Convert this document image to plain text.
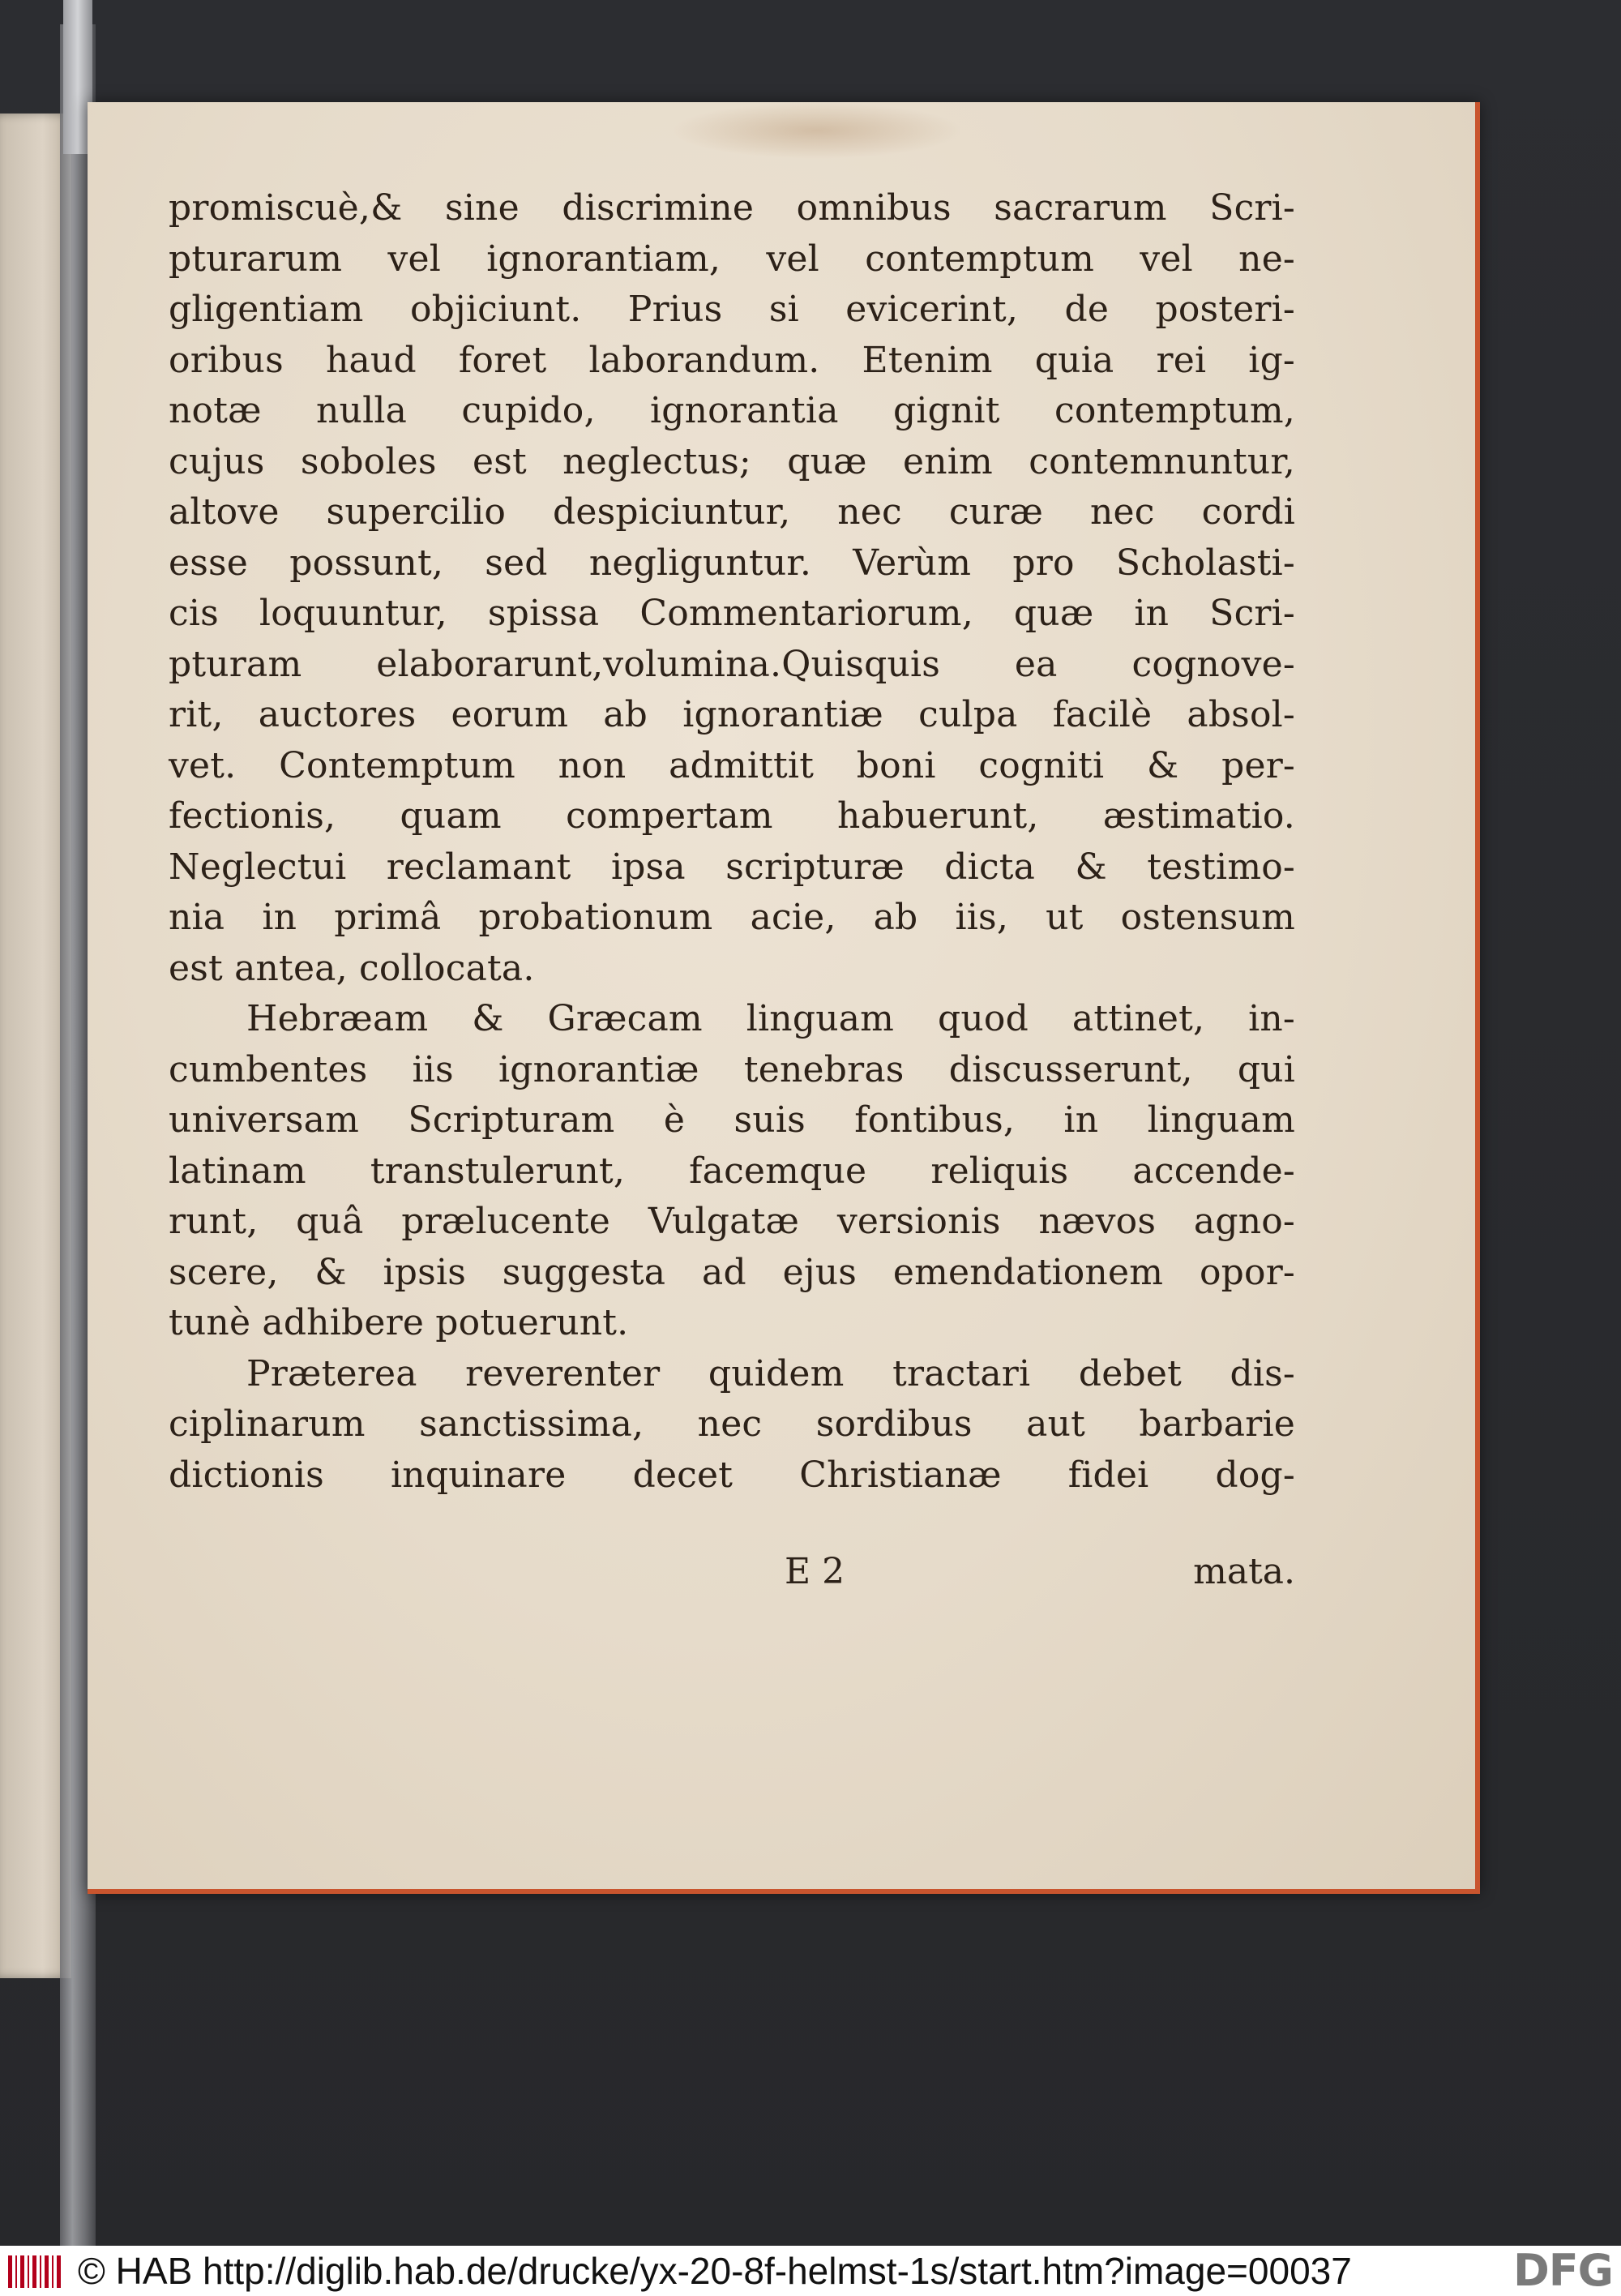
promiscuè,& sine discrimine omnibus sacrarum Scri-
pturarum vel ignorantiam, vel contemptum vel ne-
gligentiam objiciunt. Prius si evicerint, de posteri-
oribus haud foret laborandum. Etenim quia rei ig-
notæ nulla cupido, ignorantia gignit contemptum,
cujus soboles est neglectus; quæ enim contemnuntur,
altove supercilio despiciuntur, nec curæ nec cordi
esse possunt, sed negliguntur. Verùm pro Scholasti-
cis loquuntur, spissa Commentariorum, quæ in Scri-
pturam elaborarunt,volumina.Quisquis ea cognove-
rit, auctores eorum ab ignorantiæ culpa facilè absol-
vet. Contemptum non admittit boni cogniti & per-
fectionis, quam compertam habuerunt, æstimatio.
Neglectui reclamant ipsa scripturæ dicta & testimo-
nia in primâ probationum acie, ab iis, ut ostensum
est antea, collocata.
Hebræam & Græcam linguam quod attinet, in-
cumbentes iis ignorantiæ tenebras discusserunt, qui
universam Scripturam è suis fontibus, in linguam
latinam transtulerunt, facemque reliquis accende-
runt, quâ prælucente Vulgatæ versionis nævos agno-
scere, & ipsis suggesta ad ejus emendationem opor-
tunè adhibere potuerunt.
Præterea reverenter quidem tractari debet dis-
ciplinarum sanctissima, nec sordibus aut barbarie
dictionis inquinare decet Christianæ fidei dog-
E 2	mata.
© HAB http://diglib.hab.de/drucke/yx-20-8f-helmst-1s/start.htm?image=00037	DFG
